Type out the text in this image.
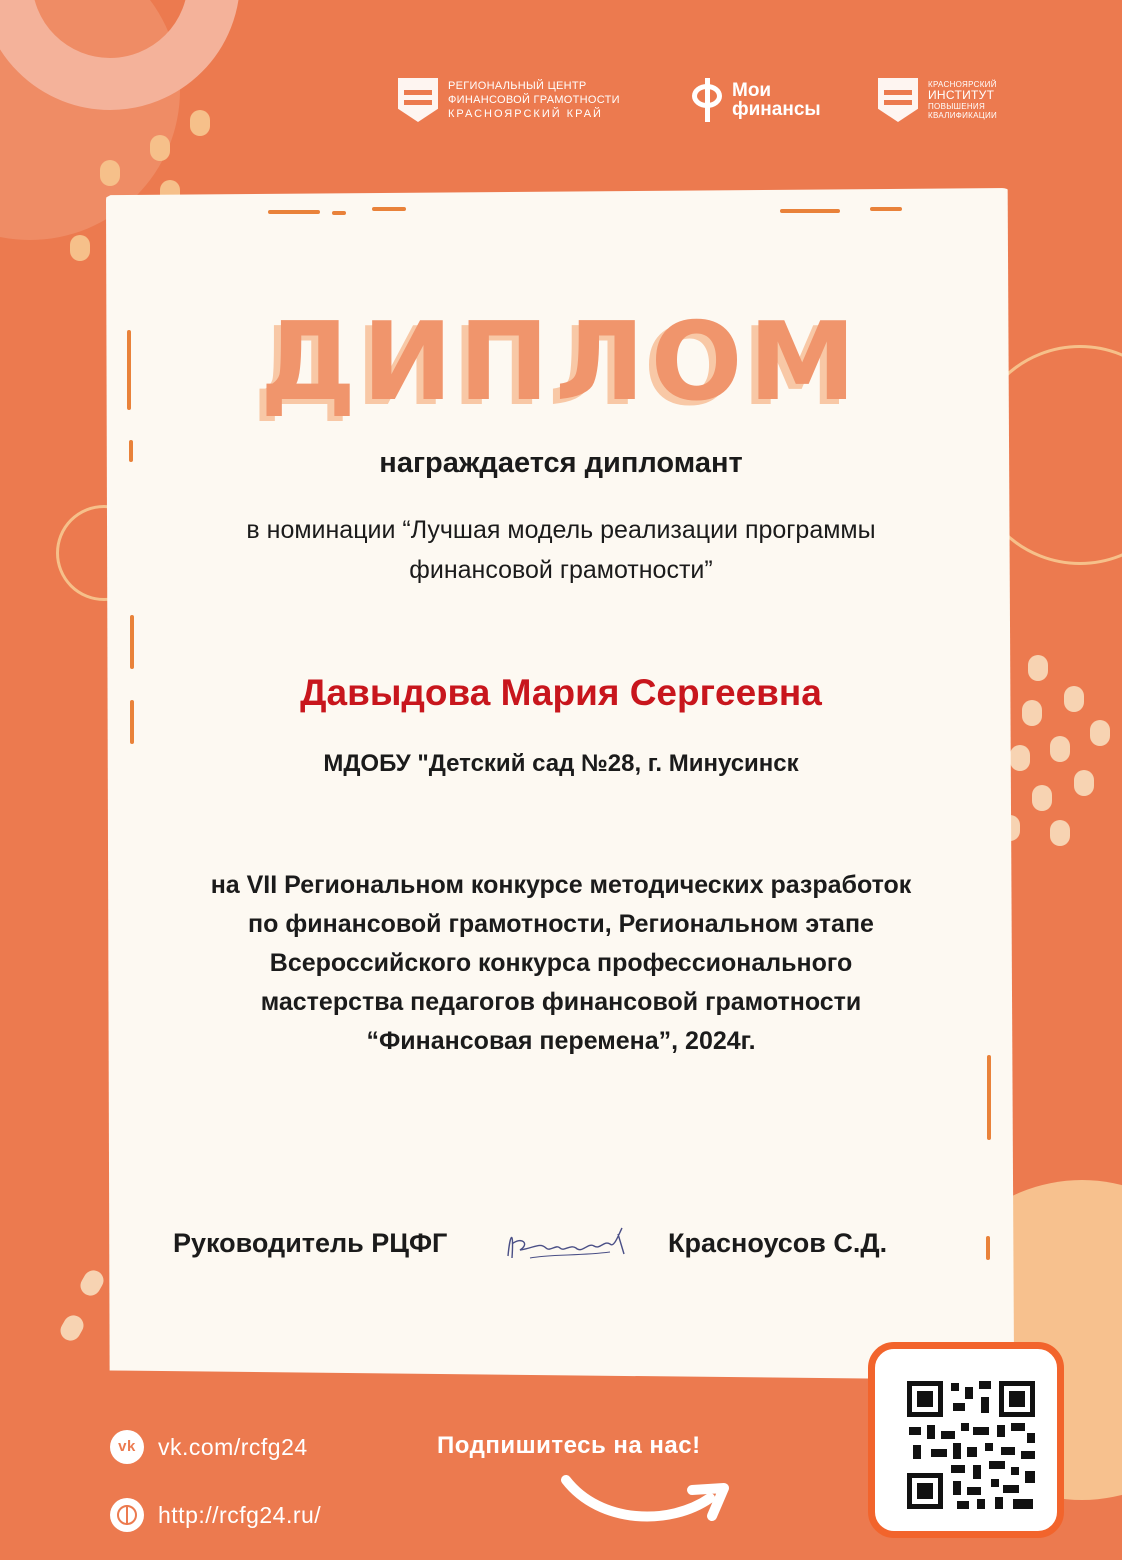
РЕГИОНАЛЬНЫЙ ЦЕНТР
ФИНАНСОВОЙ ГРАМОТНОСТИ
КРАСНОЯРСКИЙ КРАЙ
Мои
финансы
КРАСНОЯРСКИЙ
ИНСТИТУТ
ПОВЫШЕНИЯ
КВАЛИФИКАЦИИ
ДИПЛОМ
награждается дипломант
в номинации “Лучшая модель реализации программы
финансовой грамотности”
Давыдова Мария Сергеевна
МДОБУ "Детский сад №28, г. Минусинск
на VII Региональном конкурсе методических разработок
по финансовой грамотности, Региональном этапе
Всероссийского конкурса профессионального
мастерства педагогов финансовой грамотности
“Финансовая перемена”, 2024г.
Руководитель РЦФГ	Красноусов С.Д.
vk
vk.com/rcfg24
http://rcfg24.ru/
Подпишитесь на нас!
